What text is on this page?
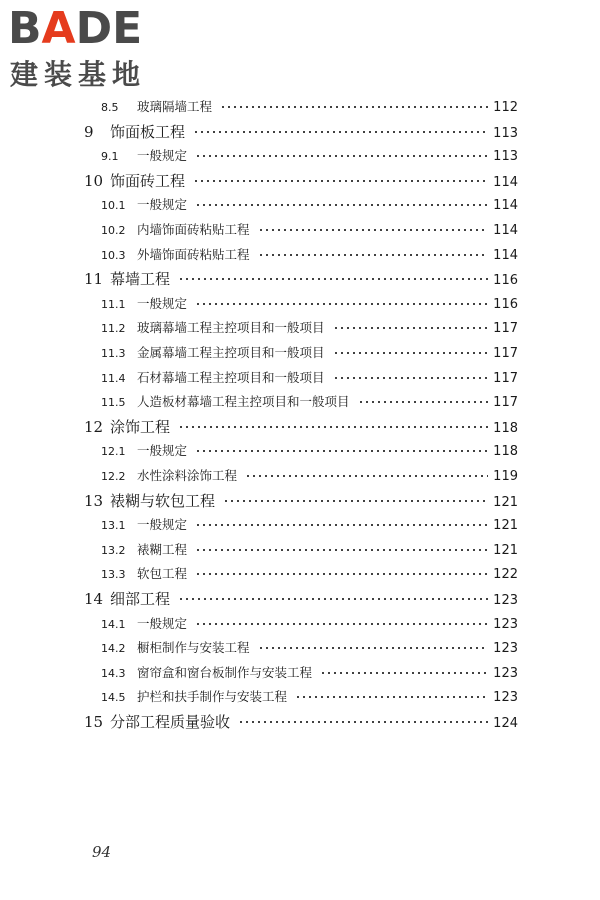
BADE
建装基地
8.5	玻璃隔墙工程	112
9	饰面板工程	113
9.1	一般规定	113
10 饰面砖工程	114
10.1 一般规定	114
10.2 内墙饰面砖粘贴工程	114
10.3 外墙饰面砖粘贴工程	114
11 幕墙工程	116
11.1 一般规定	116
11.2 玻璃幕墙工程主控项目和一般项目	117
11.3 金属幕墙工程主控项目和一般项目	117
11.4 石材幕墙工程主控项目和一般项目	117
11.5 人造板材幕墙工程主控项目和一般项目	117
12 涂饰工程	118
12.1 一般规定	118
12.2 水性涂料涂饰工程	119
13 裱糊与软包工程	121
13.1 一般规定	121
13.2 裱糊工程	121
13.3 软包工程	122
14 细部工程	123
14.1 一般规定	123
14.2 橱柜制作与安装工程	123
14.3 窗帘盒和窗台板制作与安装工程	123
14.5 护栏和扶手制作与安装工程	123
15 分部工程质量验收	124
94
